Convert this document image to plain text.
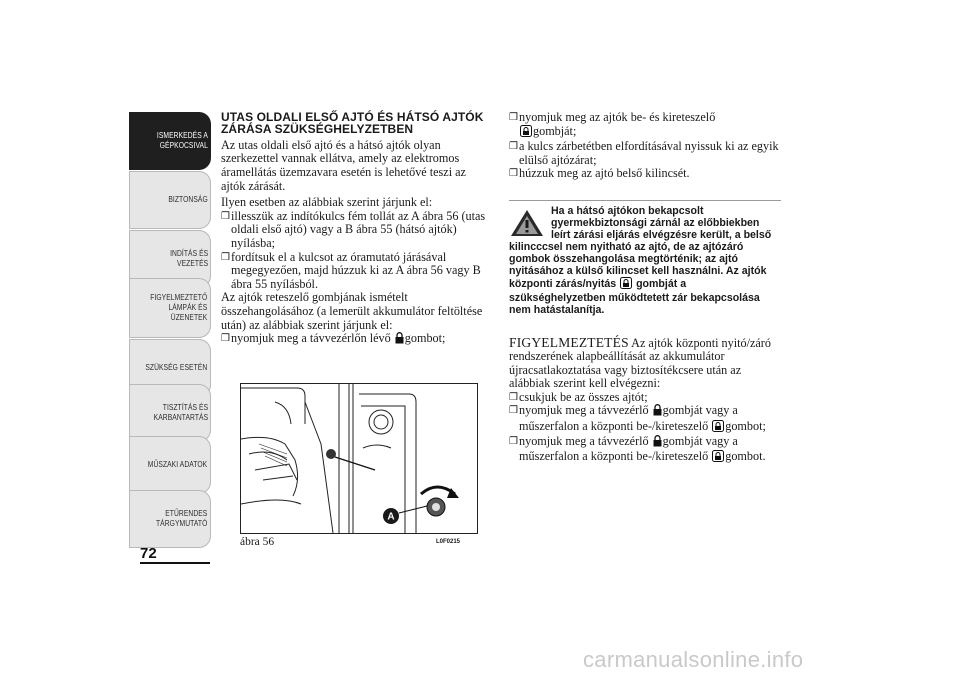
ISMERKEDÉS A
GÉPKOCSIVAL
BIZTONSÁG
INDÍTÁS ÉS
VEZETÉS
FIGYELMEZTETŐ
LÁMPÁK ÉS
ÜZENETEK
SZÜKSÉG ESETÉN
TISZTÍTÁS ÉS
KARBANTARTÁS
MŰSZAKI ADATOK
ETŰRENDES
TÁRGYMUTATÓ
72
UTAS OLDALI ELSŐ AJTÓ ÉS HÁTSÓ AJTÓK ZÁRÁSA SZÜKSÉGHELYZETBEN

Az utas oldali első ajtó és a hátsó ajtók olyan szerkezettel vannak ellátva, amely az elektromos áramellátás üzemzavara esetén is lehetővé teszi az ajtók zárását.

Ilyen esetben az alábbiak szerint járjunk el:

❒ illesszük az indítókulcs fém tollát az A ábra 56 (utas oldali első ajtó) vagy a B ábra 55 (hátsó ajtók) nyílásba;
❒ fordítsuk el a kulcsot az óramutató járásával megegyezően, majd húzzuk ki az A ábra 56 vagy B ábra 55 nyílásból.

Az ajtók reteszelő gombjának ismételt összehangolásához (a lemerült akkumulátor feltöltése után) az alábbiak szerint járjunk el:

❒ nyomjuk meg a távvezérlőn lévő gombot;
A
ábra 56	L0F0215
❒ nyomjuk meg az ajtók be- és kireteszelő
gombját;
❒ a kulcs zárbetétben elfordításával nyissuk ki az egyik elülső ajtózárat;
❒ húzzuk meg az ajtó belső kilincsét.
Ha a hátsó ajtókon bekapcsolt gyermekbiztonsági zárnál az előbbiekben leírt zárási eljárás elvégzésre került, a belső kilincccsel nem nyitható az ajtó, de az ajtózáró gombok összehangolása megtörténik; az ajtó nyitásához a külső kilincset kell használni. Az ajtók központi zárás/nyitás gombját a szükséghelyzetben működtetett zár bekapcsolása nem hatástalanítja.

FIGYELMEZTETÉS Az ajtók központi nyitó/záró rendszerének alapbeállítását az akkumulátor újracsatlakoztatása vagy biztosítékcsere után az alábbiak szerint kell elvégezni:

❒ csukjuk be az összes ajtót;
❒ nyomjuk meg a távvezérlő gombját vagy a műszerfalon a központi be-/kireteszelő gombot;
❒ nyomjuk meg a távvezérlő gombját vagy a műszerfalon a központi be-/kireteszelő gombot.
carmanualsonline.info
